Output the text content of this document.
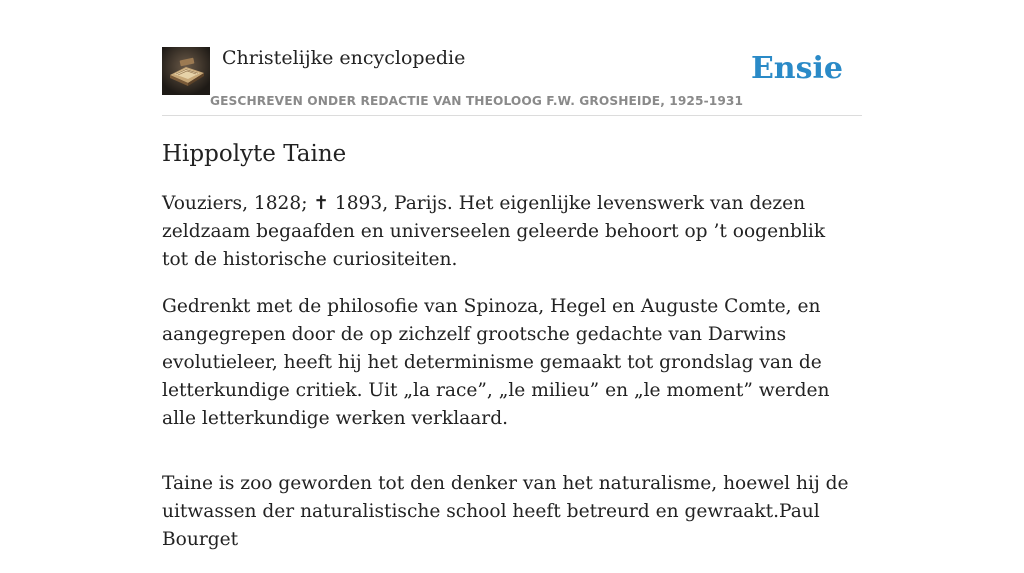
Christelijke encyclopedie
GESCHREVEN ONDER REDACTIE VAN THEOLOOG F.W. GROSHEIDE, 1925-1931
Ensie
Hippolyte Taine

Vouziers, 1828; ✝ 1893, Parijs. Het eigenlijke levenswerk van dezen zeldzaam begaafden en universeelen geleerde behoort op ’t oogenblik tot de historische curiositeiten.

Gedrenkt met de philosofie van Spinoza, Hegel en Auguste Comte, en aangegrepen door de op zichzelf grootsche gedachte van Darwins evolutieleer, heeft hij het determinisme gemaakt tot grondslag van de letterkundige critiek. Uit „la race”, „le milieu” en „le moment” werden alle letterkundige werken verklaard.

Taine is zoo geworden tot den denker van het naturalisme, hoewel hij de uitwassen der naturalistische school heeft betreurd en gewraakt.Paul Bourget
